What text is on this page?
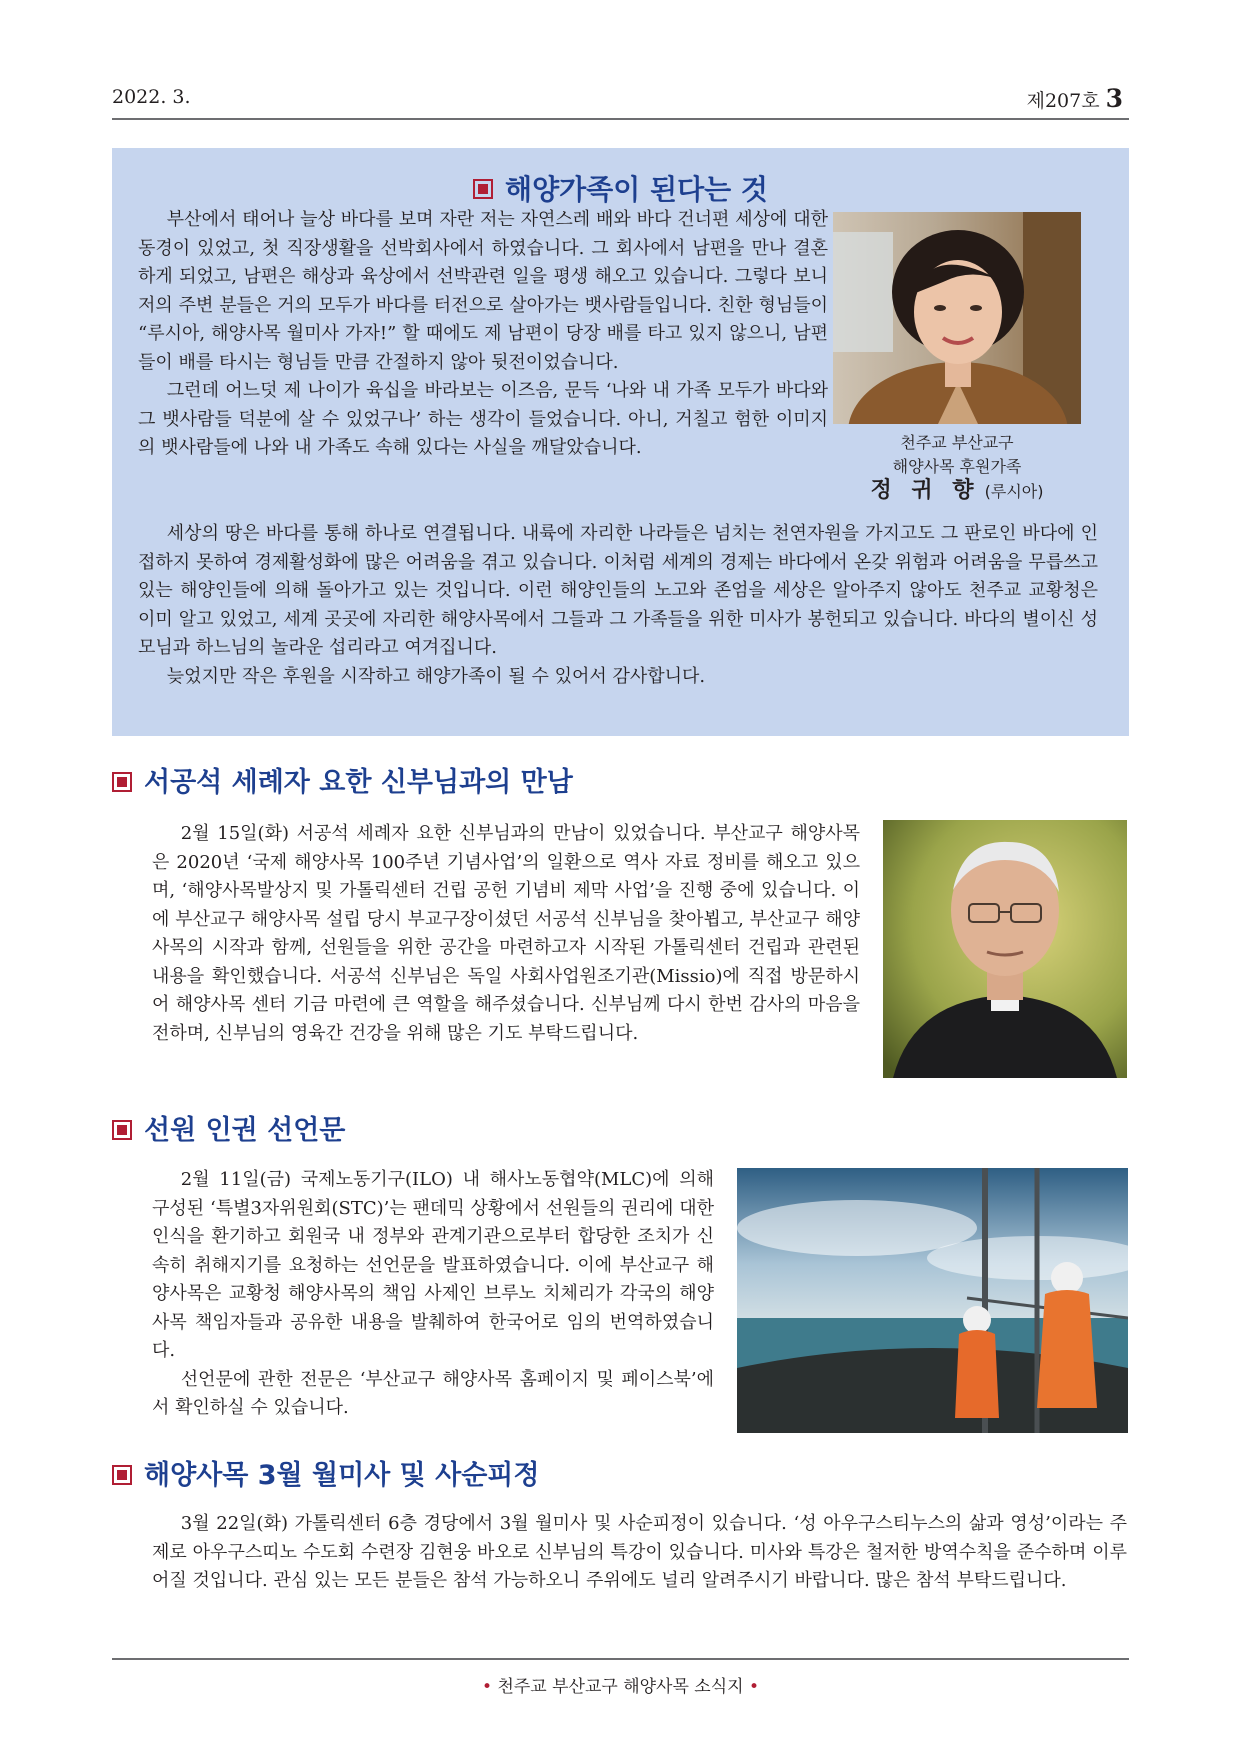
2022. 3.	제207호 3
해양가족이 된다는 것
천주교 부산교구
해양사목 후원가족
정 귀 향 (루시아)

부산에서 태어나 늘상 바다를 보며 자란 저는 자연스레 배와 바다 건너편 세상에 대한 동경이 있었고, 첫 직장생활을 선박회사에서 하였습니다. 그 회사에서 남편을 만나 결혼하게 되었고, 남편은 해상과 육상에서 선박관련 일을 평생 해오고 있습니다. 그렇다 보니 저의 주변 분들은 거의 모두가 바다를 터전으로 살아가는 뱃사람들입니다. 친한 형님들이 “루시아, 해양사목 월미사 가자!” 할 때에도 제 남편이 당장 배를 타고 있지 않으니, 남편들이 배를 타시는 형님들 만큼 간절하지 않아 뒷전이었습니다.

그런데 어느덧 제 나이가 육십을 바라보는 이즈음, 문득 ‘나와 내 가족 모두가 바다와 그 뱃사람들 덕분에 살 수 있었구나’ 하는 생각이 들었습니다. 아니, 거칠고 험한 이미지의 뱃사람들에 나와 내 가족도 속해 있다는 사실을 깨달았습니다.

세상의 땅은 바다를 통해 하나로 연결됩니다. 내륙에 자리한 나라들은 넘치는 천연자원을 가지고도 그 판로인 바다에 인접하지 못하여 경제활성화에 많은 어려움을 겪고 있습니다. 이처럼 세계의 경제는 바다에서 온갖 위험과 어려움을 무릅쓰고 있는 해양인들에 의해 돌아가고 있는 것입니다. 이런 해양인들의 노고와 존엄을 세상은 알아주지 않아도 천주교 교황청은 이미 알고 있었고, 세계 곳곳에 자리한 해양사목에서 그들과 그 가족들을 위한 미사가 봉헌되고 있습니다. 바다의 별이신 성모님과 하느님의 놀라운 섭리라고 여겨집니다.

늦었지만 작은 후원을 시작하고 해양가족이 될 수 있어서 감사합니다.

서공석 세례자 요한 신부님과의 만남

2월 15일(화) 서공석 세례자 요한 신부님과의 만남이 있었습니다. 부산교구 해양사목은 2020년 ‘국제 해양사목 100주년 기념사업’의 일환으로 역사 자료 정비를 해오고 있으며, ‘해양사목발상지 및 가톨릭센터 건립 공헌 기념비 제막 사업’을 진행 중에 있습니다. 이에 부산교구 해양사목 설립 당시 부교구장이셨던 서공석 신부님을 찾아뵙고, 부산교구 해양사목의 시작과 함께, 선원들을 위한 공간을 마련하고자 시작된 가톨릭센터 건립과 관련된 내용을 확인했습니다. 서공석 신부님은 독일 사회사업원조기관(Missio)에 직접 방문하시어 해양사목 센터 기금 마련에 큰 역할을 해주셨습니다. 신부님께 다시 한번 감사의 마음을 전하며, 신부님의 영육간 건강을 위해 많은 기도 부탁드립니다.

선원 인권 선언문

2월 11일(금) 국제노동기구(ILO) 내 해사노동협약(MLC)에 의해 구성된 ‘특별3자위원회(STC)’는 팬데믹 상황에서 선원들의 권리에 대한 인식을 환기하고 회원국 내 정부와 관계기관으로부터 합당한 조치가 신속히 취해지기를 요청하는 선언문을 발표하였습니다. 이에 부산교구 해양사목은 교황청 해양사목의 책임 사제인 브루노 치체리가 각국의 해양사목 책임자들과 공유한 내용을 발췌하여 한국어로 임의 번역하였습니다.

선언문에 관한 전문은 ‘부산교구 해양사목 홈페이지 및 페이스북’에서 확인하실 수 있습니다.

해양사목 3월 월미사 및 사순피정

3월 22일(화) 가톨릭센터 6층 경당에서 3월 월미사 및 사순피정이 있습니다. ‘성 아우구스티누스의 삶과 영성’이라는 주제로 아우구스띠노 수도회 수련장 김현웅 바오로 신부님의 특강이 있습니다. 미사와 특강은 철저한 방역수칙을 준수하며 이루어질 것입니다. 관심 있는 모든 분들은 참석 가능하오니 주위에도 널리 알려주시기 바랍니다. 많은 참석 부탁드립니다.

• 천주교 부산교구 해양사목 소식지 •
